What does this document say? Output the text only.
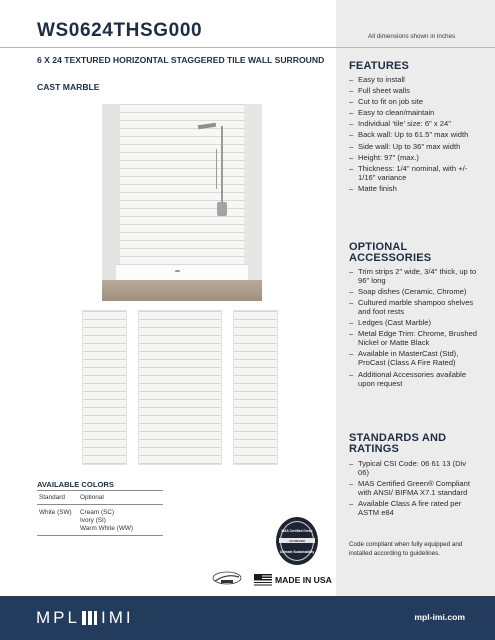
WS0624THSG000	All dimensions shown in inches
6 X 24 TEXTURED HORIZONTAL STAGGERED TILE WALL SURROUND
CAST MARBLE
AVAILABLE COLORS
Standard Optional
White (SW) Cream (SC)
Ivory (SI)
Warm White (WW)
FEATURES
– Easy to install
– Full sheet walls
– Cut to fit on job site
– Easy to clean/maintain
– Individual ‘tile’ size: 6" x 24"
– Back wall: Up to 61.5" max width
– Side wall: Up to 36" max width
– Height: 97" (max.)
– Thickness: 1/4" nominal, with +/- 1/16" variance
– Matte finish
OPTIONAL ACCESSORIES
– Trim strips 2" wide, 3/4" thick, up to 96" long
– Soap dishes (Ceramic, Chrome)
– Cultured marble shampoo shelves and foot rests
– Ledges (Cast Marble)
– Metal Edge Trim: Chrome, Brushed Nickel or Matte Black
– Available in MasterCast (Std), ProCast (Class A Fire Rated)
– Additional Accessories available upon request
STANDARDS AND RATINGS
– Typical CSI Code: 06 61 13 (Div 06)
– MAS Certified Green® Compliant with ANSI/ BIFMA X7.1 standard
– Available Class A fire rated per ASTM e84
Code compliant when fully equipped and installed according to guidelines.
MAS Certified Green
ACHIEVER
Ultimate Sustainability
MADE IN USA
MPL IMI	mpl-imi.com
